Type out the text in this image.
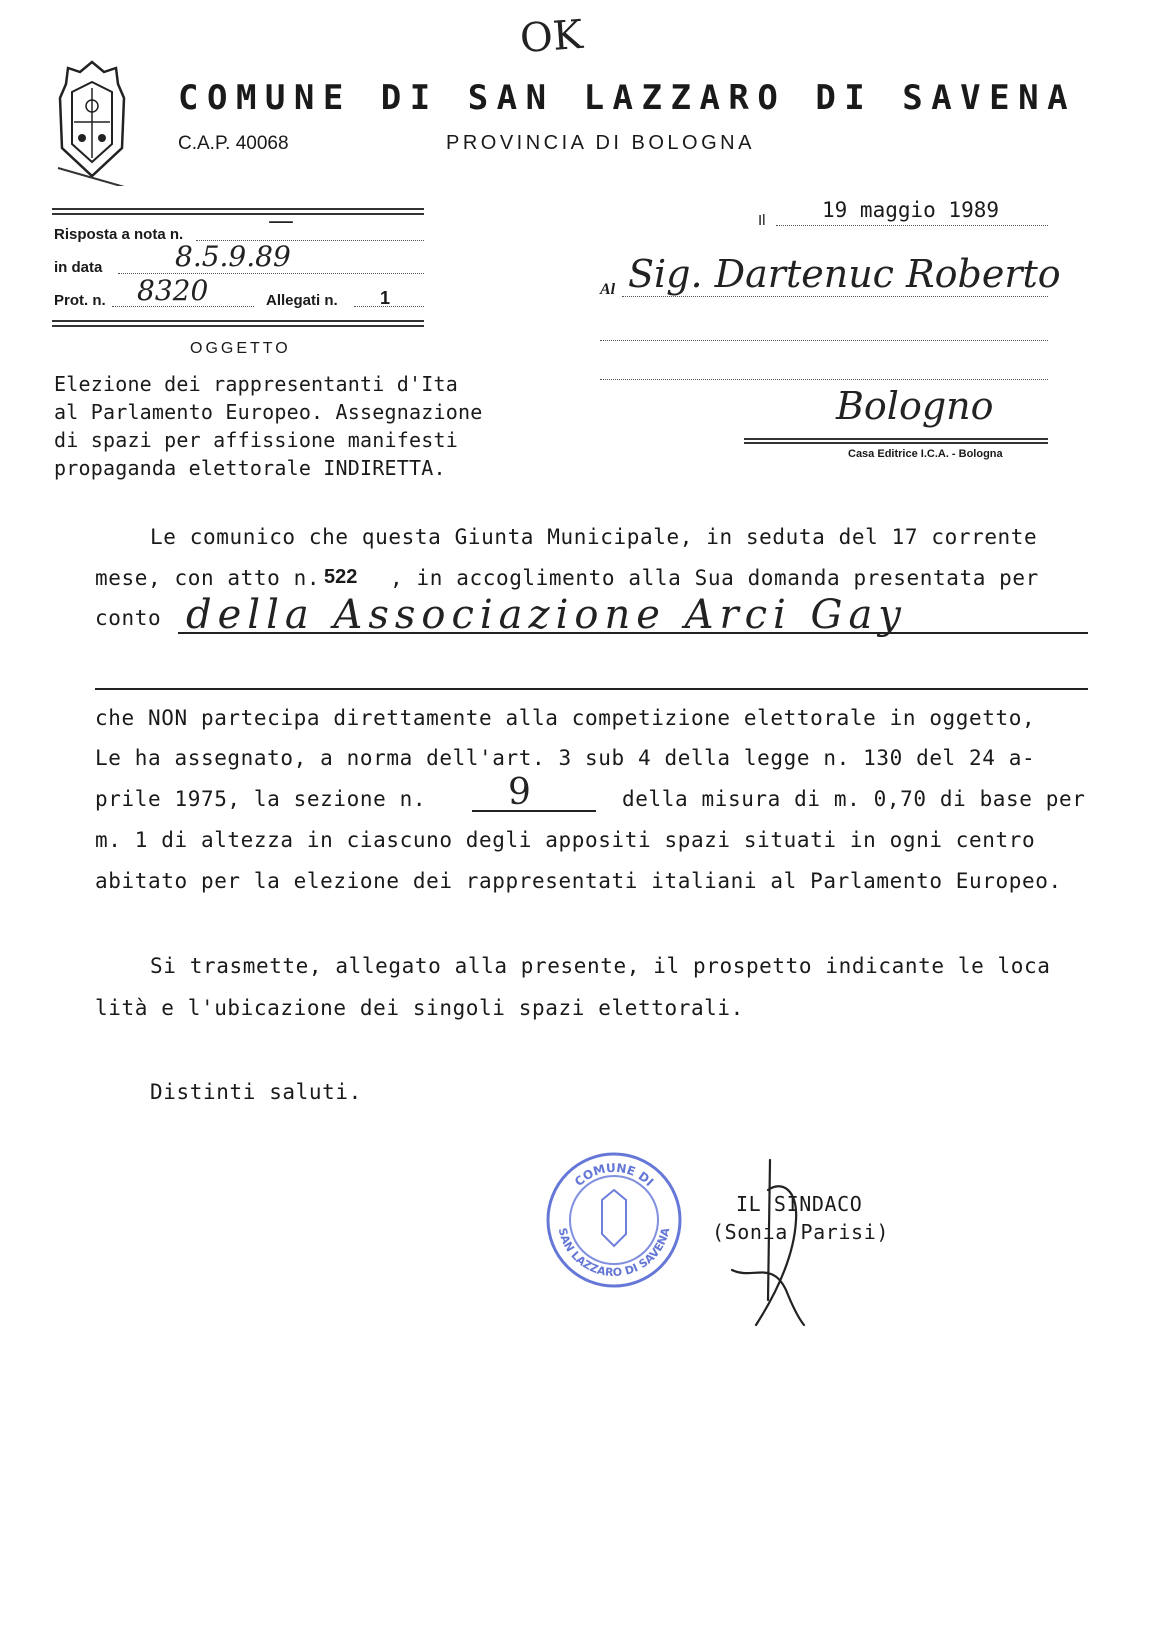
OK
COMUNE DI SAN LAZZARO DI SAVENA
C.A.P. 40068	PROVINCIA DI BOLOGNA
Risposta a nota n.	—
in data	8.5.9.89
Prot. n. 8320	Allegati n. 1
Il	19 maggio 1989
Al Sig. Dartenuc Roberto
Bologno
Casa Editrice I.C.A. - Bologna
OGGETTO
Elezione dei rappresentanti d'Ita
al Parlamento Europeo. Assegnazione
di spazi per affissione manifesti
propaganda elettorale INDIRETTA.
Le comunico che questa Giunta Municipale, in seduta del 17 corrente
mese, con atto n. 522 , in accoglimento alla Sua domanda presentata per
conto della Associazione Arci Gay
che NON partecipa direttamente alla competizione elettorale in oggetto,
Le ha assegnato, a norma dell'art. 3 sub 4 della legge n. 130 del 24 a-
prile 1975, la sezione n. 9	della misura di m. 0,70 di base per
m. 1 di altezza in ciascuno degli appositi spazi situati in ogni centro
abitato per la elezione dei rappresentati italiani al Parlamento Europeo.
Si trasmette, allegato alla presente, il prospetto indicante le loca
lità e l'ubicazione dei singoli spazi elettorali.
Distinti saluti.
COMUNE DI
SAN LAZZARO DI SAVENA
IL SINDACO
(Sonia Parisi)
